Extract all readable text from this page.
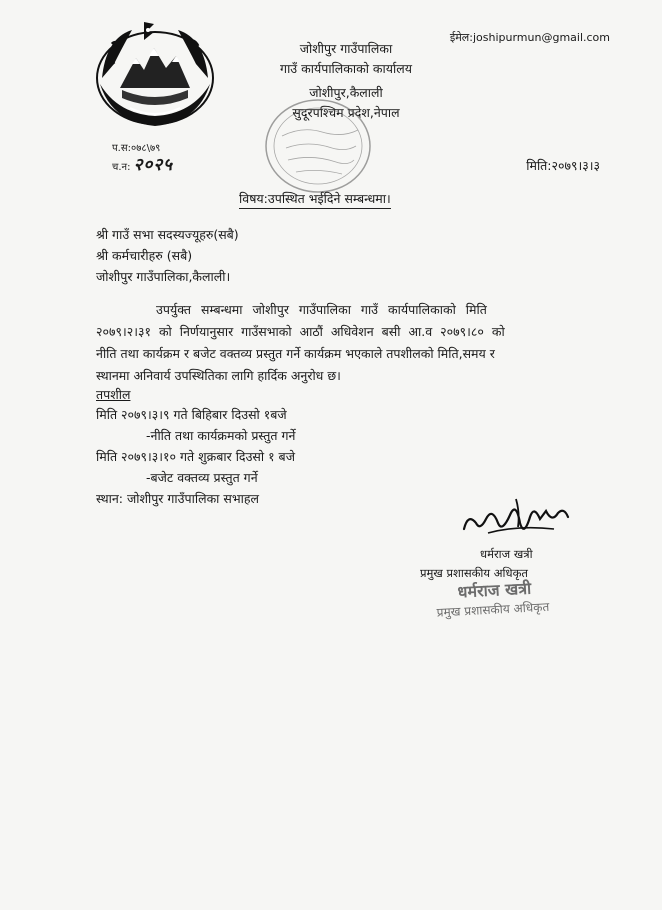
ईमेल:joshipurmun@gmail.com
जोशीपुर गाउँपालिका
गाउँ कार्यपालिकाको कार्यालय
जोशीपुर,कैलाली
सुदूरपश्चिम प्रदेश,नेपाल
प.स:०७८\७९
च.न: २०२५	मिति:२०७९।३।३
विषय:उपस्थित भईदिने सम्बन्धमा।
श्री गाउँ सभा सदस्यज्यूहरु(सबै)
श्री कर्मचारीहरु (सबै)
जोशीपुर गाउँपालिका,कैलाली।
उपर्युक्त सम्बन्धमा जोशीपुर गाउँपालिका गाउँ कार्यपालिकाको मिति
२०७९।२।३१ को निर्णयानुसार गाउँसभाको आठौं अधिवेशन बसी आ.व २०७९।८० को
नीति तथा कार्यक्रम र बजेट वक्तव्य प्रस्तुत गर्ने कार्यक्रम भएकाले तपशीलको मिति,समय र
स्थानमा अनिवार्य उपस्थितिका लागि हार्दिक अनुरोध छ।
तपशील
मिति २०७९।३।९ गते बिहिबार दिउसो १बजे
-नीति तथा कार्यक्रमको प्रस्तुत गर्ने
मिति २०७९।३।१० गते शुक्रबार दिउसो १ बजे
-बजेट वक्तव्य प्रस्तुत गर्ने
स्थान: जोशीपुर गाउँपालिका सभाहल
धर्मराज खत्री
प्रमुख प्रशासकीय अधिकृत
धर्मराज खत्री
प्रमुख प्रशासकीय अधिकृत
